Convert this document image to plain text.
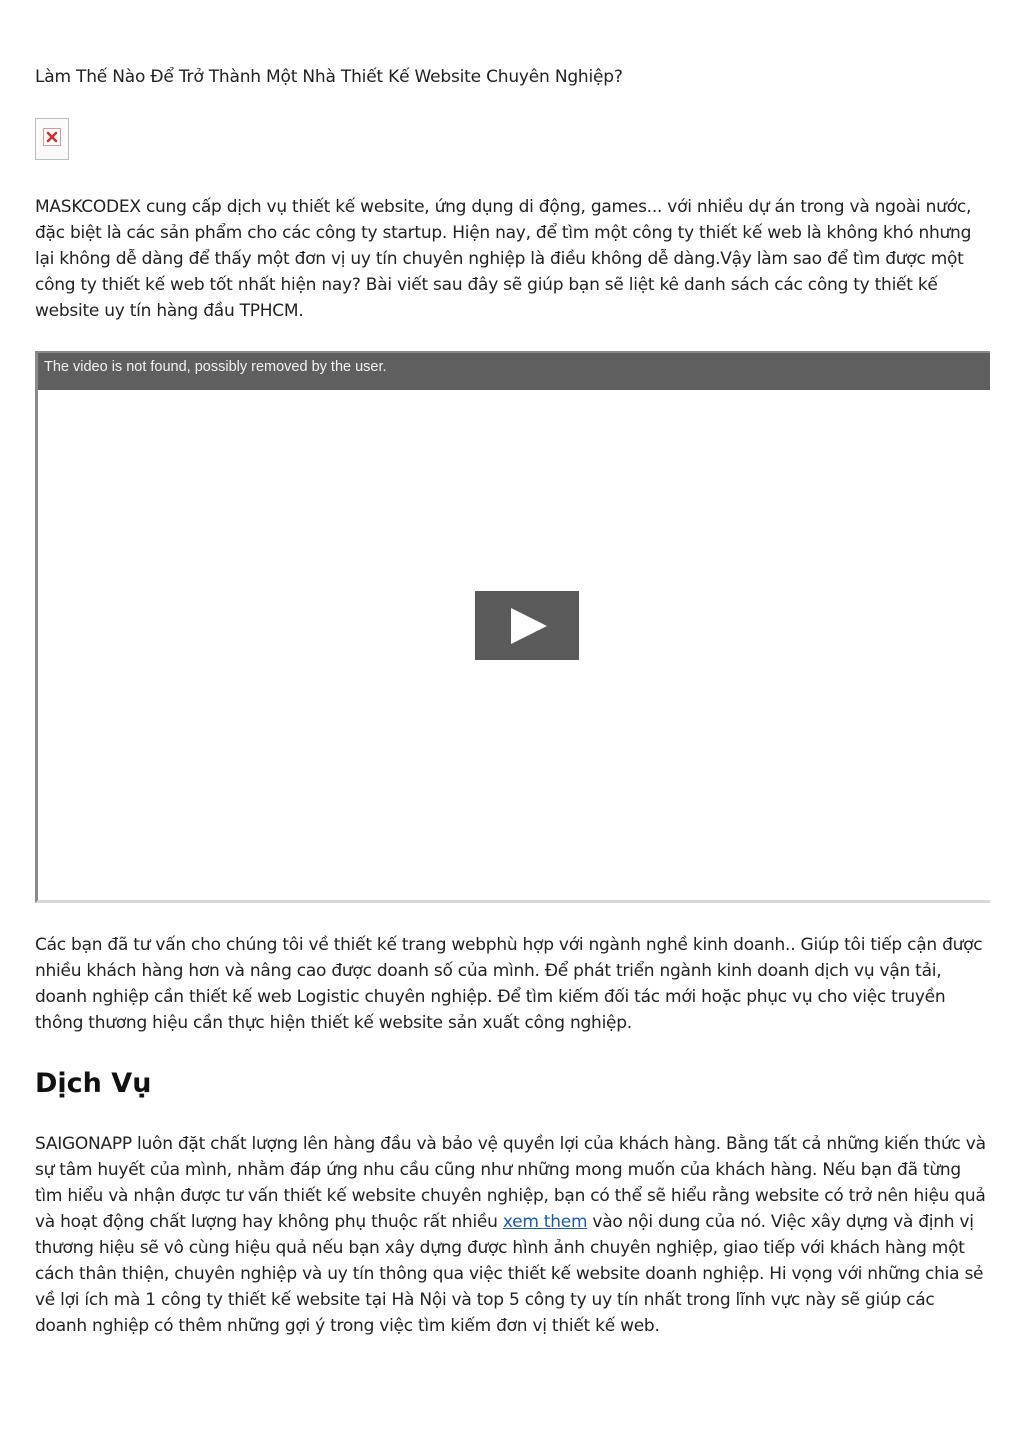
Làm Thế Nào Để Trở Thành Một Nhà Thiết Kế Website Chuyên Nghiệp?

MASKCODEX cung cấp dịch vụ thiết kế website, ứng dụng di động, games... với nhiều dự án trong và ngoài nước, đặc biệt là các sản phẩm cho các công ty startup. Hiện nay, để tìm một công ty thiết kế web là không khó nhưng lại không dễ dàng để thấy một đơn vị uy tín chuyên nghiệp là điều không dễ dàng.Vậy làm sao để tìm được một công ty thiết kế web tốt nhất hiện nay? Bài viết sau đây sẽ giúp bạn sẽ liệt kê danh sách các công ty thiết kế website uy tín hàng đầu TPHCM.

The video is not found, possibly removed by the user.

Các bạn đã tư vấn cho chúng tôi về thiết kế trang webphù hợp với ngành nghề kinh doanh.. Giúp tôi tiếp cận được nhiều khách hàng hơn và nâng cao được doanh số của mình. Để phát triển ngành kinh doanh dịch vụ vận tải, doanh nghiệp cần thiết kế web Logistic chuyên nghiệp. Để tìm kiếm đối tác mới hoặc phục vụ cho việc truyền thông thương hiệu cần thực hiện thiết kế website sản xuất công nghiệp.

Dịch Vụ

SAIGONAPP luôn đặt chất lượng lên hàng đầu và bảo vệ quyền lợi của khách hàng. Bằng tất cả những kiến thức và sự tâm huyết của mình, nhằm đáp ứng nhu cầu cũng như những mong muốn của khách hàng. Nếu bạn đã từng tìm hiểu và nhận được tư vấn thiết kế website chuyên nghiệp, bạn có thể sẽ hiểu rằng website có trở nên hiệu quả và hoạt động chất lượng hay không phụ thuộc rất nhiều xem them vào nội dung của nó. Việc xây dựng và định vị thương hiệu sẽ vô cùng hiệu quả nếu bạn xây dựng được hình ảnh chuyên nghiệp, giao tiếp với khách hàng một cách thân thiện, chuyên nghiệp và uy tín thông qua việc thiết kế website doanh nghiệp. Hi vọng với những chia sẻ về lợi ích mà 1 công ty thiết kế website tại Hà Nội và top 5 công ty uy tín nhất trong lĩnh vực này sẽ giúp các doanh nghiệp có thêm những gợi ý trong việc tìm kiếm đơn vị thiết kế web.
